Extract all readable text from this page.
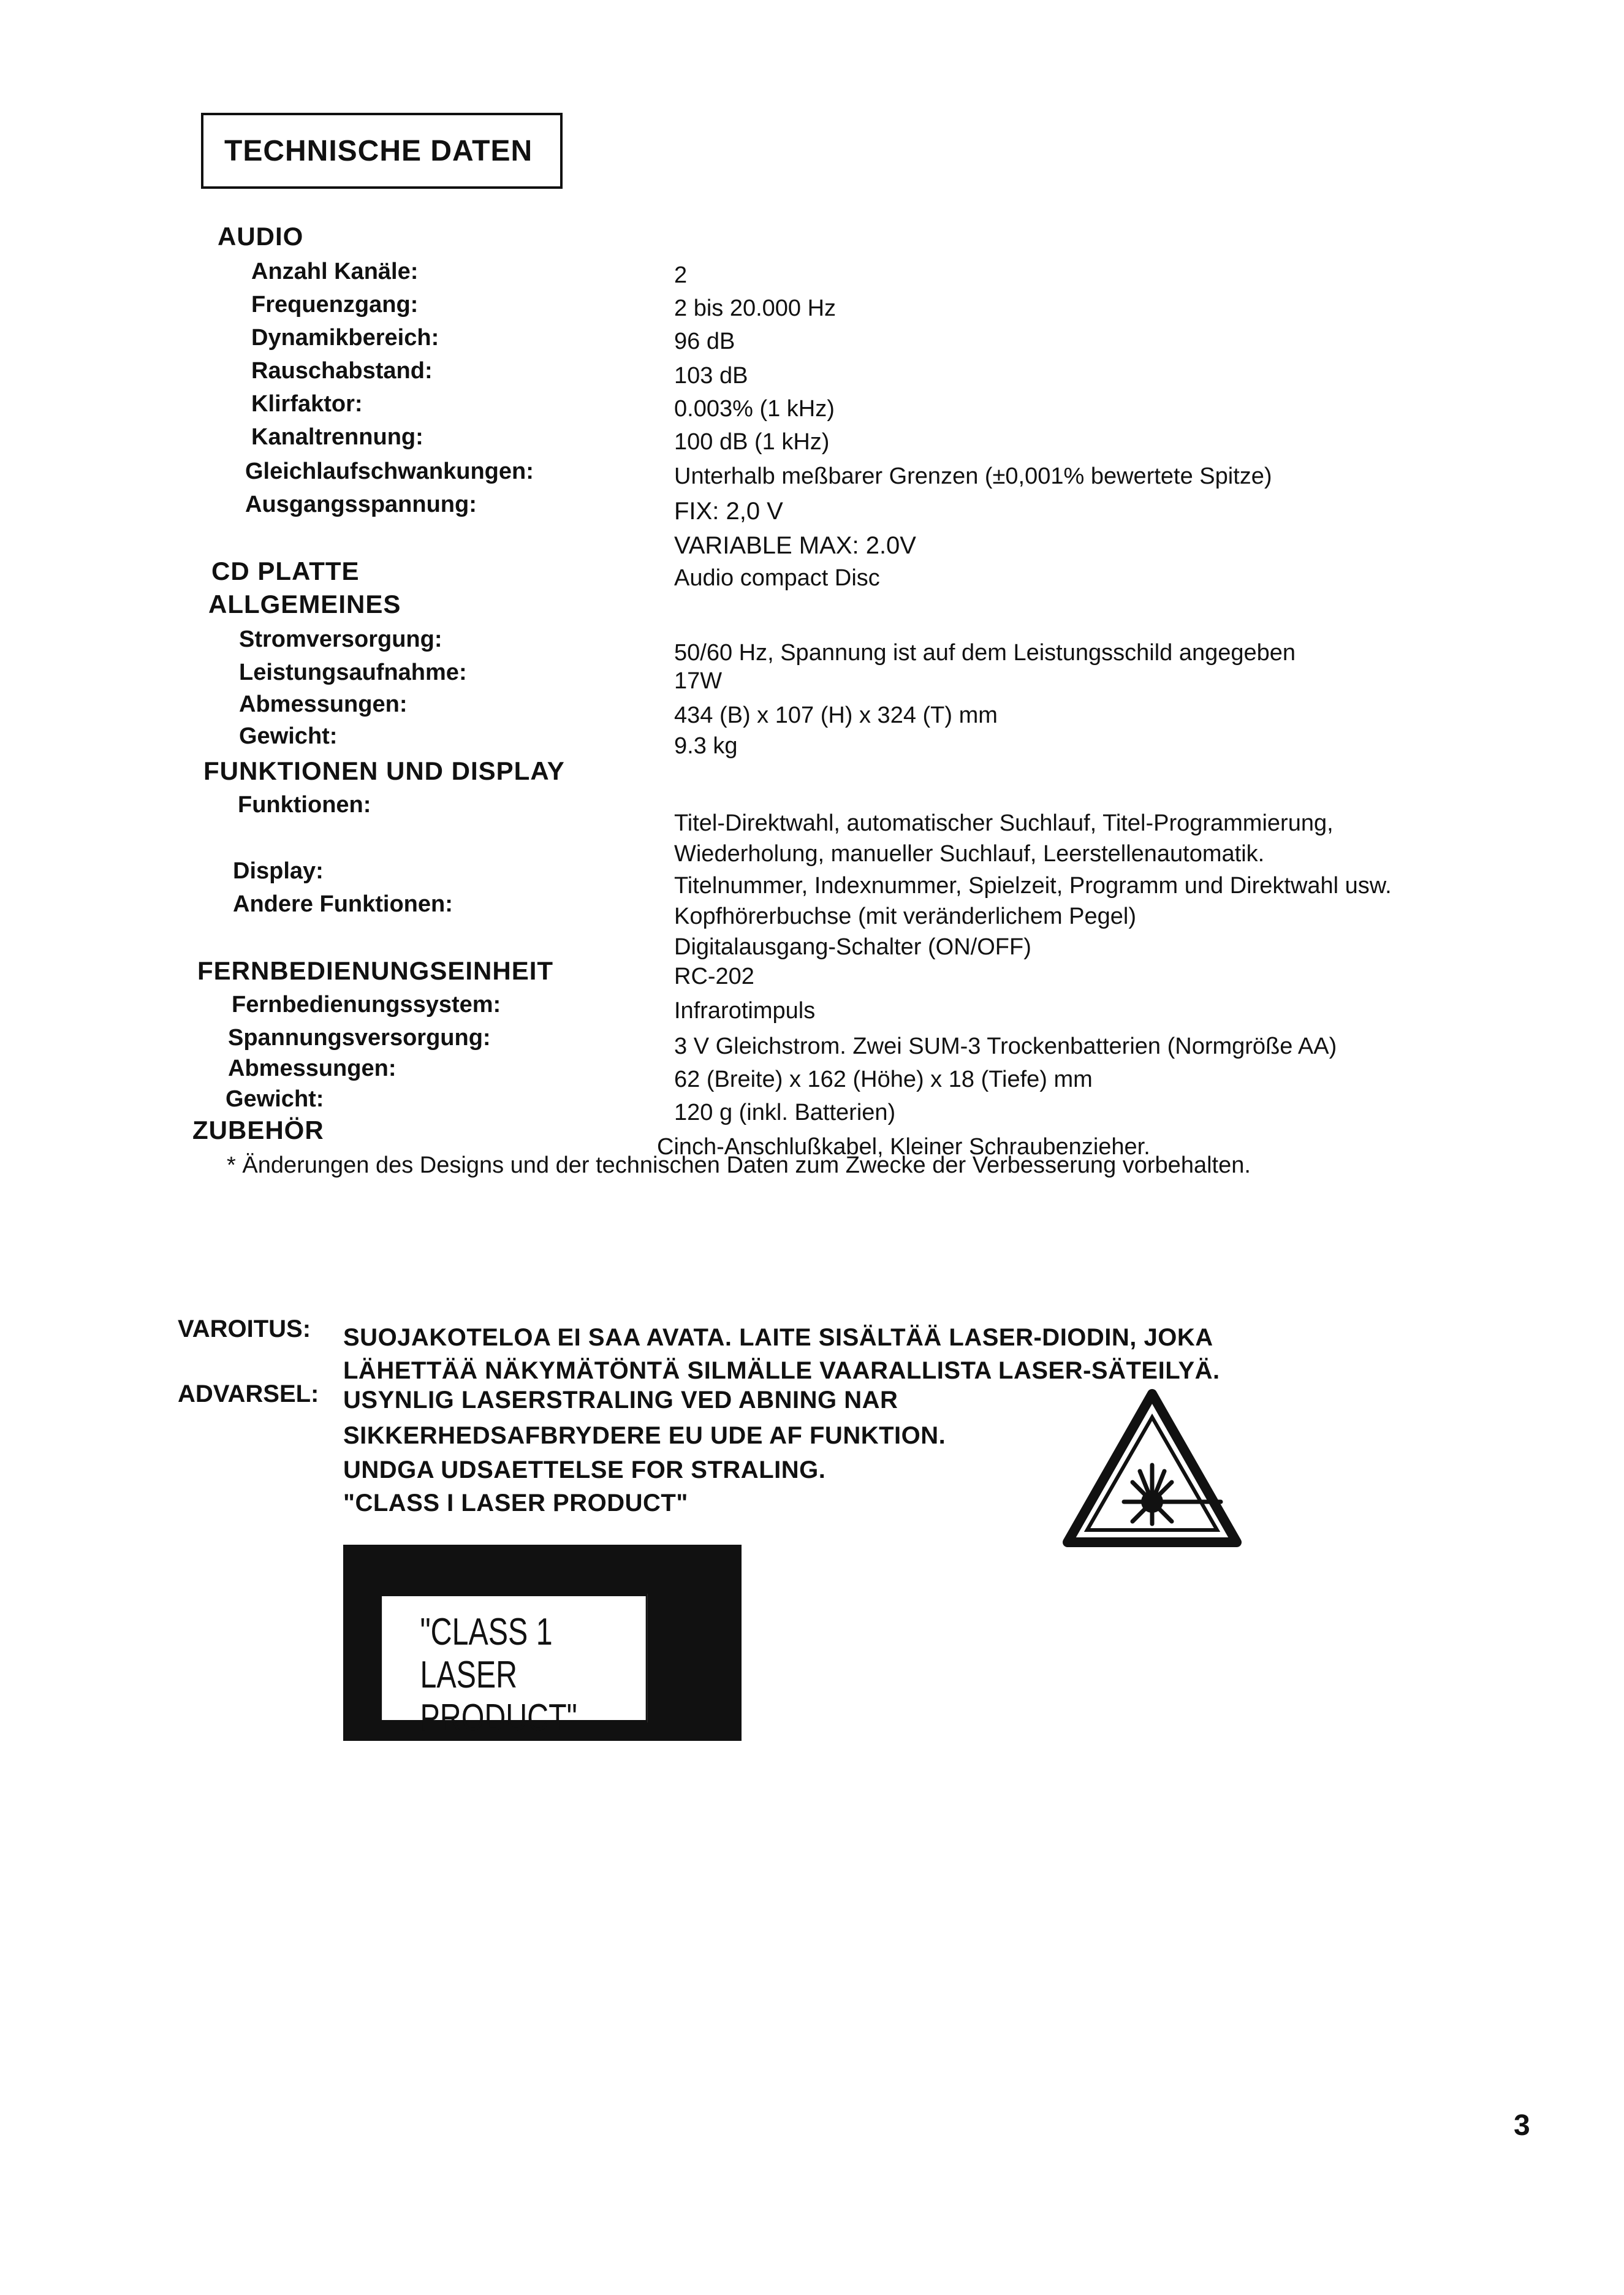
TECHNISCHE DATEN
AUDIO
Anzahl Kanäle:	2
Frequenzgang:	2 bis 20.000 Hz
Dynamikbereich:	96 dB
Rauschabstand:	103 dB
Klirfaktor:	0.003% (1 kHz)
Kanaltrennung:	100 dB (1 kHz)
Gleichlaufschwankungen:	Unterhalb meßbarer Grenzen (±0,001% bewertete Spitze)
Ausgangsspannung:	FIX: 2,0 V
VARIABLE MAX: 2.0V
CD PLATTE	Audio compact Disc
ALLGEMEINES
Stromversorgung:
50/60 Hz, Spannung ist auf dem Leistungsschild angegeben
Leistungsaufnahme:	17W
Abmessungen:	434 (B) x 107 (H) x 324 (T) mm
Gewicht:	9.3 kg
FUNKTIONEN UND DISPLAY
Funktionen:
Titel-Direktwahl, automatischer Suchlauf, Titel-Programmierung,
Wiederholung, manueller Suchlauf, Leerstellenautomatik.
Display:
Titelnummer, Indexnummer, Spielzeit, Programm und Direktwahl usw.
Andere Funktionen:	Kopfhörerbuchse (mit veränderlichem Pegel)
Digitalausgang-Schalter (ON/OFF)
FERNBEDIENUNGSEINHEIT	RC-202
Fernbedienungssystem:	Infrarotimpuls
Spannungsversorgung:	3 V Gleichstrom. Zwei SUM-3 Trockenbatterien (Normgröße AA)
Abmessungen:	62 (Breite) x 162 (Höhe) x 18 (Tiefe) mm
Gewicht:
120 g (inkl. Batterien)
ZUBEHÖR
Cinch-Anschlußkabel, Kleiner Schraubenzieher.
* Änderungen des Designs und der technischen Daten zum Zwecke der Verbesserung vorbehalten.
VAROITUS: SUOJAKOTELOA EI SAA AVATA. LAITE SISÄLTÄÄ LASER-DIODIN, JOKA
LÄHETTÄÄ NÄKYMÄTÖNTÄ SILMÄLLE VAARALLISTA LASER-SÄTEILYÄ.
ADVARSEL: USYNLIG LASERSTRALING VED ABNING NAR
SIKKERHEDSAFBRYDERE EU UDE AF FUNKTION.
UNDGA UDSAETTELSE FOR STRALING.
"CLASS I LASER PRODUCT"
"CLASS 1
LASER PRODUCT"
3
